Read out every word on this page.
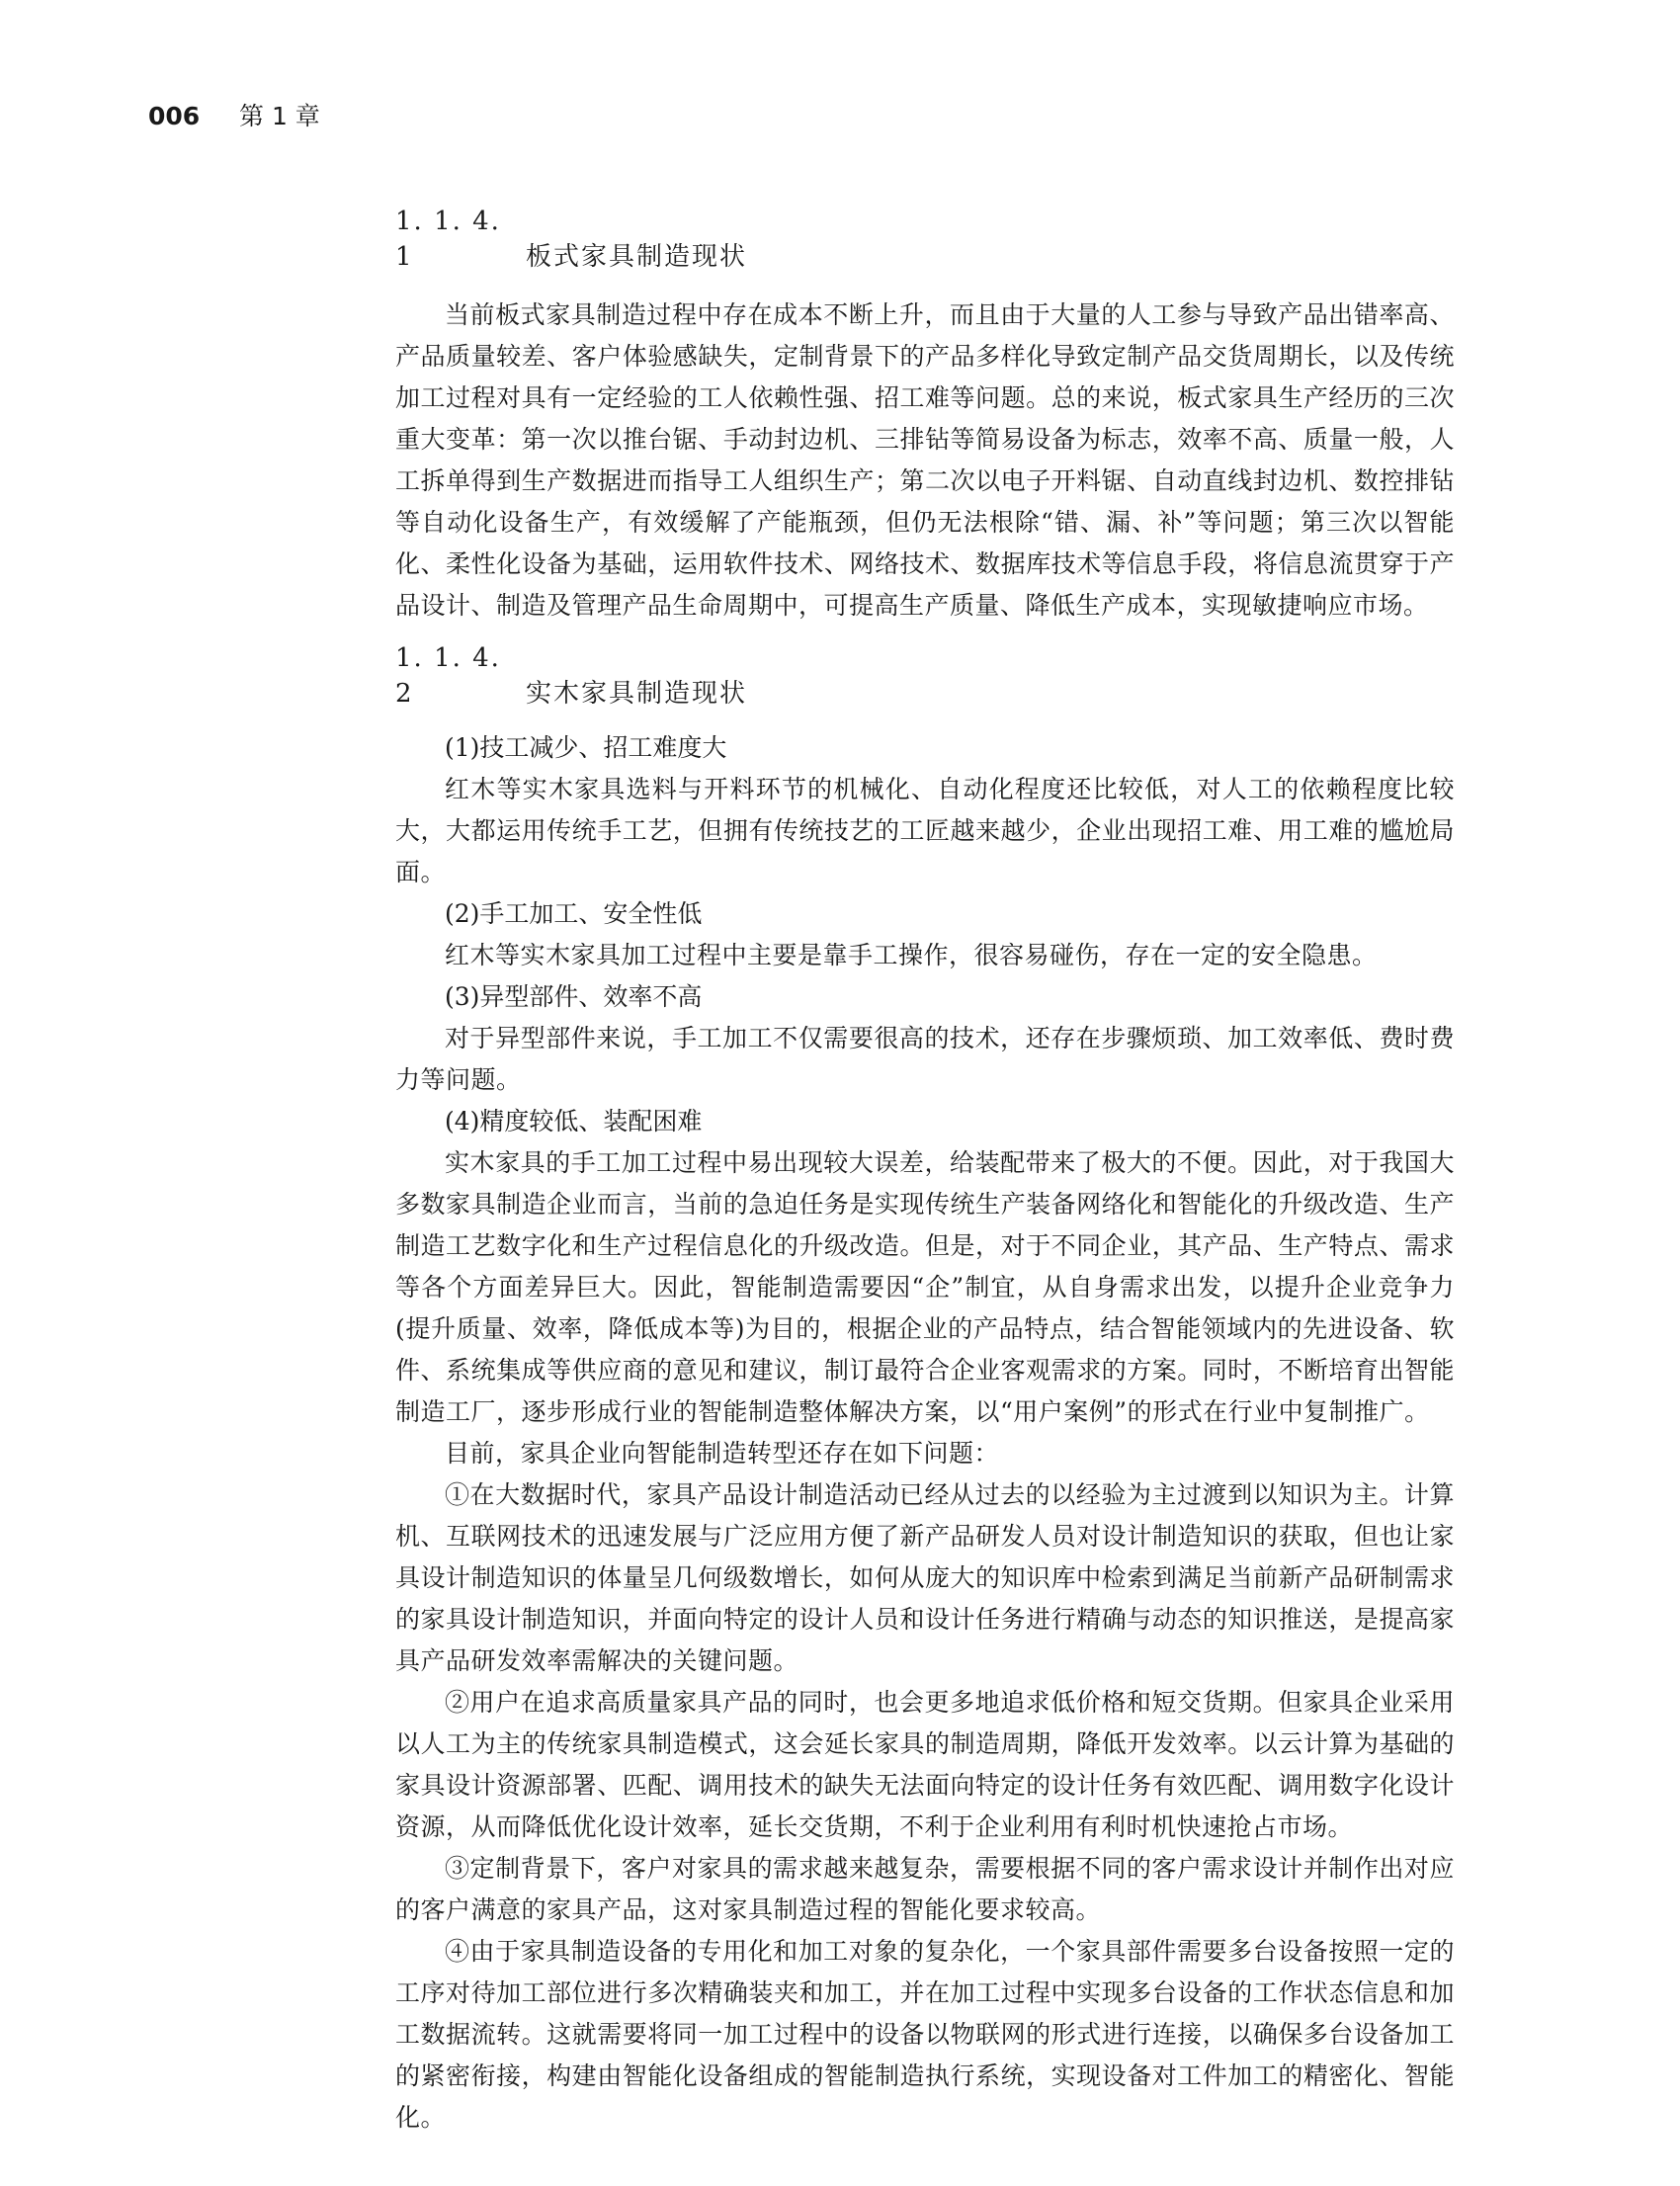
006 第 1 章
1. 1. 4. 1	板式家具制造现状

当前板式家具制造过程中存在成本不断上升，而且由于大量的人工参与导致产品出错率高、产品质量较差、客户体验感缺失，定制背景下的产品多样化导致定制产品交货周期长，以及传统加工过程对具有一定经验的工人依赖性强、招工难等问题。总的来说，板式家具生产经历的三次重大变革：第一次以推台锯、手动封边机、三排钻等简易设备为标志，效率不高、质量一般，人工拆单得到生产数据进而指导工人组织生产；第二次以电子开料锯、自动直线封边机、数控排钻等自动化设备生产，有效缓解了产能瓶颈，但仍无法根除“错、漏、补”等问题；第三次以智能化、柔性化设备为基础，运用软件技术、网络技术、数据库技术等信息手段，将信息流贯穿于产品设计、制造及管理产品生命周期中，可提高生产质量、降低生产成本，实现敏捷响应市场。

1. 1. 4. 2	实木家具制造现状

(1)技工减少、招工难度大

红木等实木家具选料与开料环节的机械化、自动化程度还比较低，对人工的依赖程度比较大，大都运用传统手工艺，但拥有传统技艺的工匠越来越少，企业出现招工难、用工难的尴尬局面。

(2)手工加工、安全性低

红木等实木家具加工过程中主要是靠手工操作，很容易碰伤，存在一定的安全隐患。

(3)异型部件、效率不高

对于异型部件来说，手工加工不仅需要很高的技术，还存在步骤烦琐、加工效率低、费时费力等问题。

(4)精度较低、装配困难

实木家具的手工加工过程中易出现较大误差，给装配带来了极大的不便。因此，对于我国大多数家具制造企业而言，当前的急迫任务是实现传统生产装备网络化和智能化的升级改造、生产制造工艺数字化和生产过程信息化的升级改造。但是，对于不同企业，其产品、生产特点、需求等各个方面差异巨大。因此，智能制造需要因“企”制宜，从自身需求出发，以提升企业竞争力(提升质量、效率，降低成本等)为目的，根据企业的产品特点，结合智能领域内的先进设备、软件、系统集成等供应商的意见和建议，制订最符合企业客观需求的方案。同时，不断培育出智能制造工厂，逐步形成行业的智能制造整体解决方案，以“用户案例”的形式在行业中复制推广。

目前，家具企业向智能制造转型还存在如下问题：

①在大数据时代，家具产品设计制造活动已经从过去的以经验为主过渡到以知识为主。计算机、互联网技术的迅速发展与广泛应用方便了新产品研发人员对设计制造知识的获取，但也让家具设计制造知识的体量呈几何级数增长，如何从庞大的知识库中检索到满足当前新产品研制需求的家具设计制造知识，并面向特定的设计人员和设计任务进行精确与动态的知识推送，是提高家具产品研发效率需解决的关键问题。

②用户在追求高质量家具产品的同时，也会更多地追求低价格和短交货期。但家具企业采用以人工为主的传统家具制造模式，这会延长家具的制造周期，降低开发效率。以云计算为基础的家具设计资源部署、匹配、调用技术的缺失无法面向特定的设计任务有效匹配、调用数字化设计资源，从而降低优化设计效率，延长交货期，不利于企业利用有利时机快速抢占市场。

③定制背景下，客户对家具的需求越来越复杂，需要根据不同的客户需求设计并制作出对应的客户满意的家具产品，这对家具制造过程的智能化要求较高。

④由于家具制造设备的专用化和加工对象的复杂化，一个家具部件需要多台设备按照一定的工序对待加工部位进行多次精确装夹和加工，并在加工过程中实现多台设备的工作状态信息和加工数据流转。这就需要将同一加工过程中的设备以物联网的形式进行连接，以确保多台设备加工的紧密衔接，构建由智能化设备组成的智能制造执行系统，实现设备对工件加工的精密化、智能化。
